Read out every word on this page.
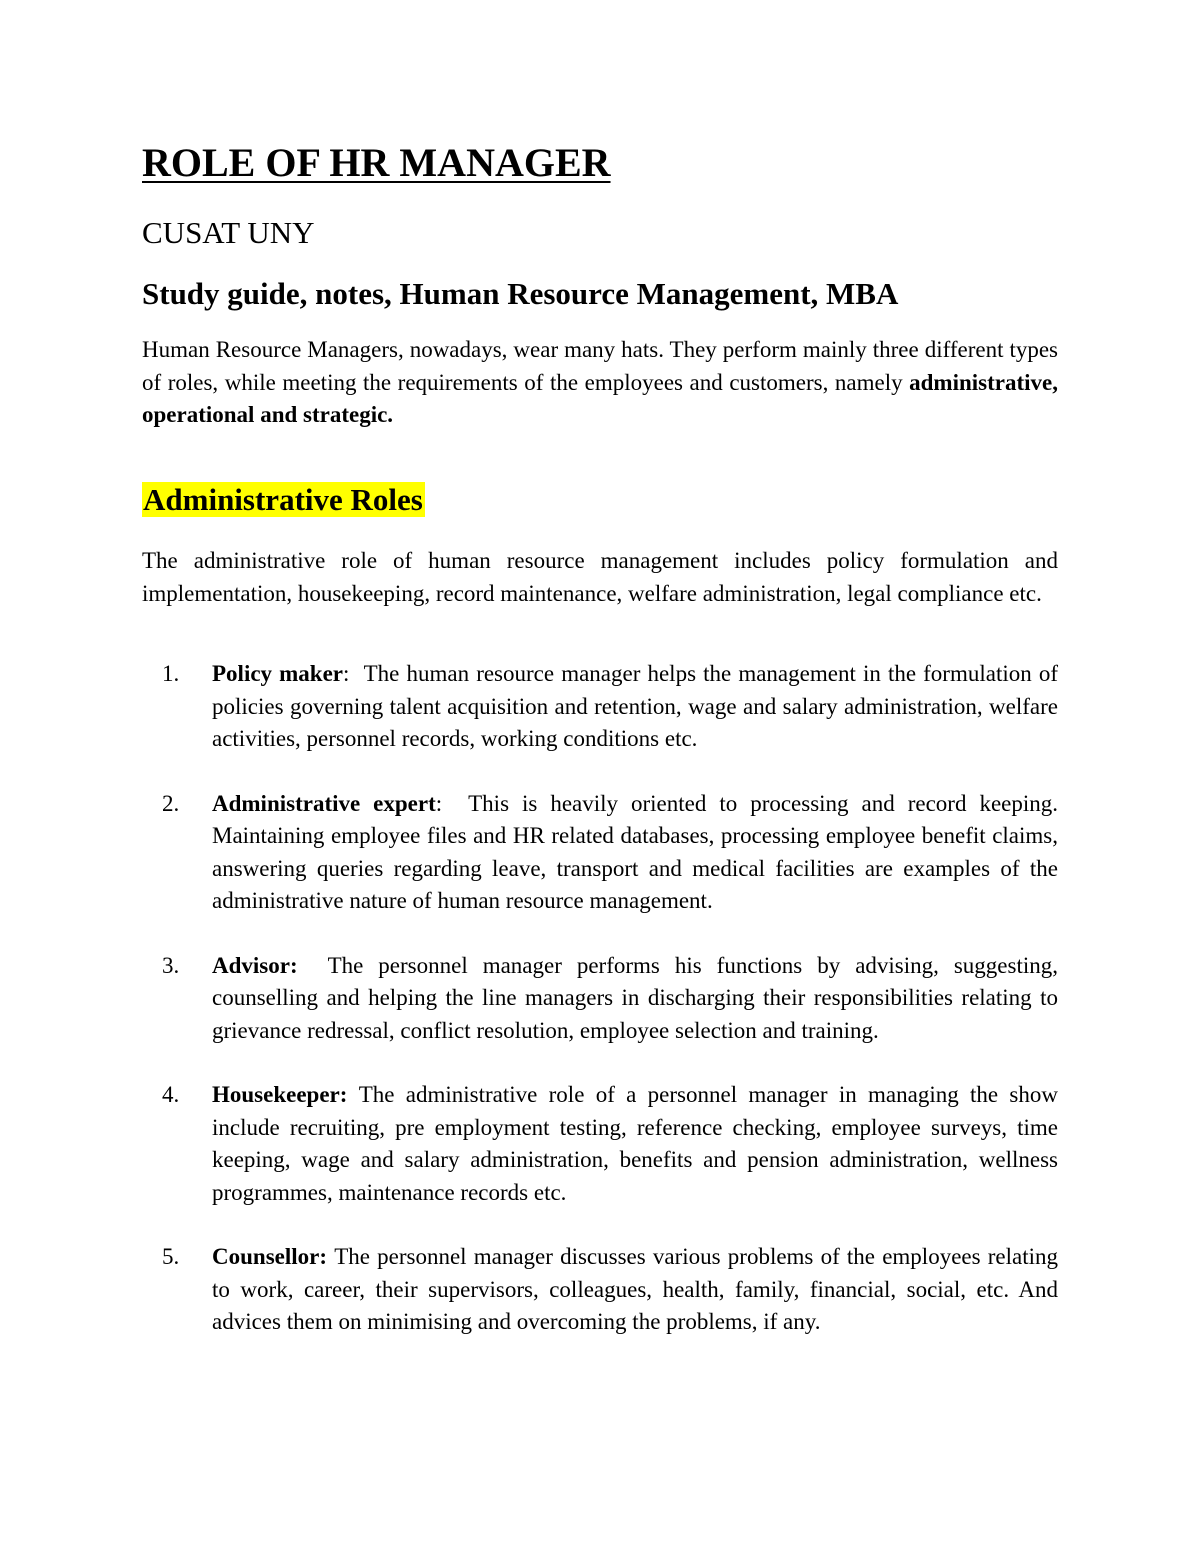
ROLE OF HR MANAGER
CUSAT UNY
Study guide, notes, Human Resource Management, MBA

Human Resource Managers, nowadays, wear many hats. They perform mainly three different types of roles, while meeting the requirements of the employees and customers, namely administrative, operational and strategic.

Administrative Roles

The administrative role of human resource management includes policy formulation and implementation, housekeeping, record maintenance, welfare administration, legal compliance etc.

1. Policy maker: The human resource manager helps the management in the formulation of policies governing talent acquisition and retention, wage and salary administration, welfare activities, personnel records, working conditions etc.
2. Administrative expert: This is heavily oriented to processing and record keeping. Maintaining employee files and HR related databases, processing employee benefit claims, answering queries regarding leave, transport and medical facilities are examples of the administrative nature of human resource management.
3. Advisor: The personnel manager performs his functions by advising, suggesting, counselling and helping the line managers in discharging their responsibilities relating to grievance redressal, conflict resolution, employee selection and training.
4. Housekeeper: The administrative role of a personnel manager in managing the show include recruiting, pre employment testing, reference checking, employee surveys, time keeping, wage and salary administration, benefits and pension administration, wellness programmes, maintenance records etc.
5. Counsellor: The personnel manager discusses various problems of the employees relating to work, career, their supervisors, colleagues, health, family, financial, social, etc. And advices them on minimising and overcoming the problems, if any.
